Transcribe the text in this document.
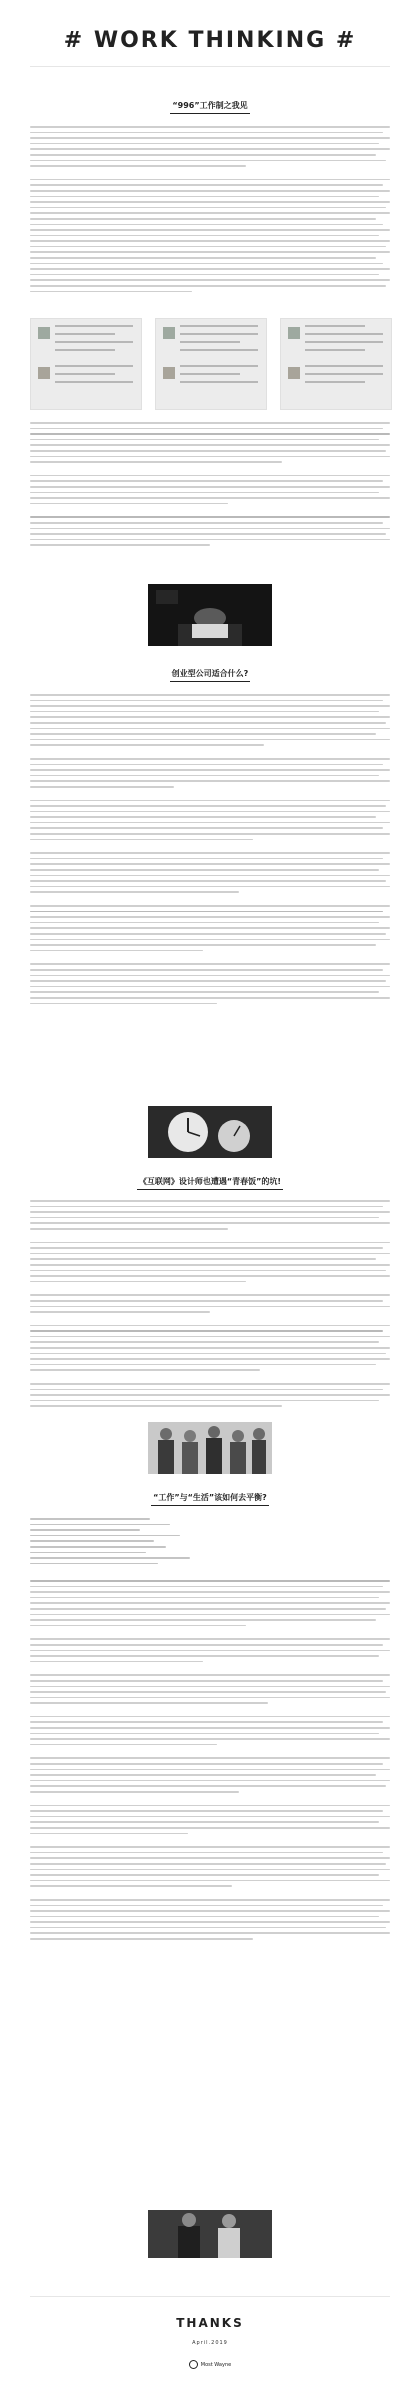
# WORK THINKING #
“996”工作制之我见
创业型公司适合什么?
《互联网》设计师也遭遇“青春饭”的坑!
“工作”与“生活”该如何去平衡?
THANKS
April.2019
Most Wayne
